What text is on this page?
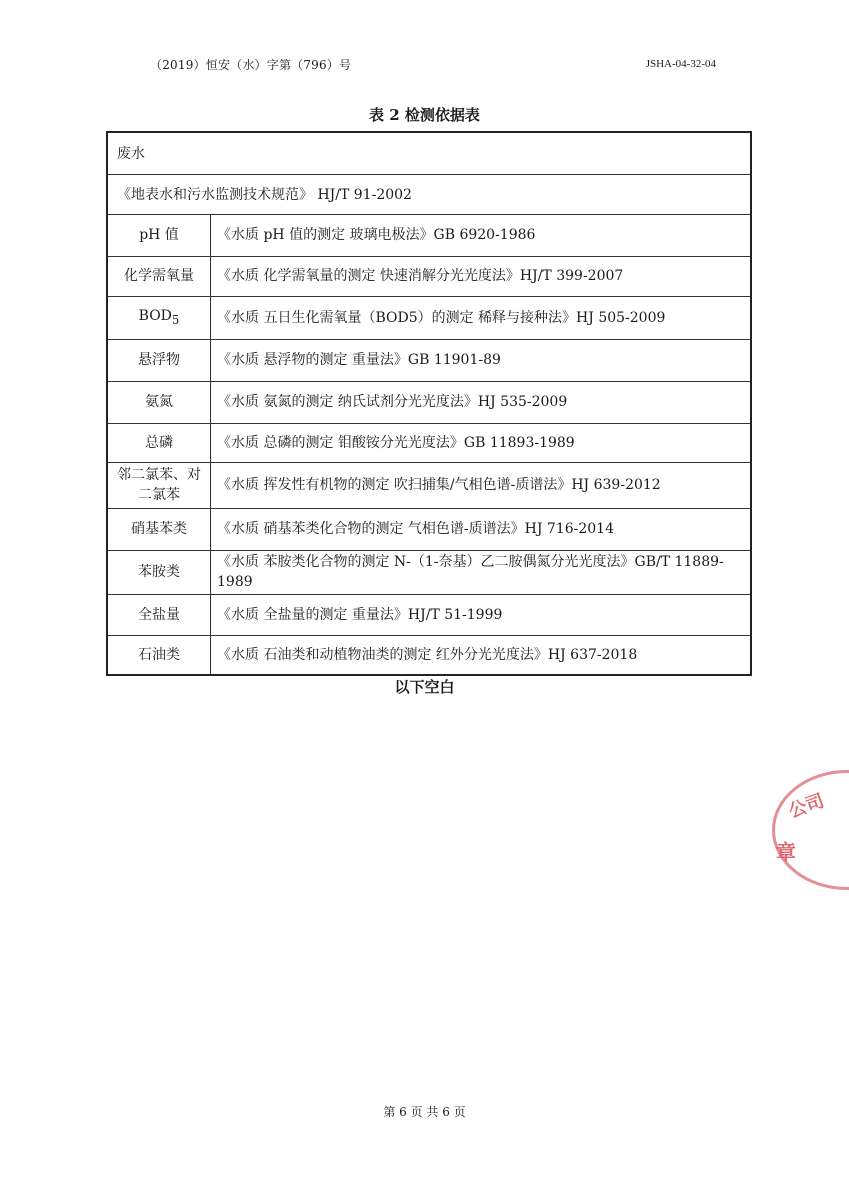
（2019）恒安（水）字第（796）号	JSHA-04-32-04
表 2 检测依据表
废水	
《地表水和污水监测技术规范》 HJ/T 91-2002	
pH 值	《水质 pH 值的测定 玻璃电极法》GB 6920-1986
化学需氧量	《水质 化学需氧量的测定 快速消解分光光度法》HJ/T 399-2007
$BOD_5$	《水质 五日生化需氧量（BOD5）的测定 稀释与接种法》HJ 505-2009
悬浮物	《水质 悬浮物的测定 重量法》GB 11901-89
氨氮	《水质 氨氮的测定 纳氏试剂分光光度法》HJ 535-2009
总磷	《水质 总磷的测定 钼酸铵分光光度法》GB 11893-1989
邻二氯苯、对二氯苯	《水质 挥发性有机物的测定 吹扫捕集/气相色谱-质谱法》HJ 639-2012
硝基苯类	《水质 硝基苯类化合物的测定 气相色谱-质谱法》HJ 716-2014
苯胺类	《水质 苯胺类化合物的测定 N-（1-奈基）乙二胺偶氮分光光度法》GB/T 11889-1989
全盐量	《水质 全盐量的测定 重量法》HJ/T 51-1999
石油类	《水质 石油类和动植物油类的测定 红外分光光度法》HJ 637-2018
以下空白
公司
章
第 6 页 共 6 页
